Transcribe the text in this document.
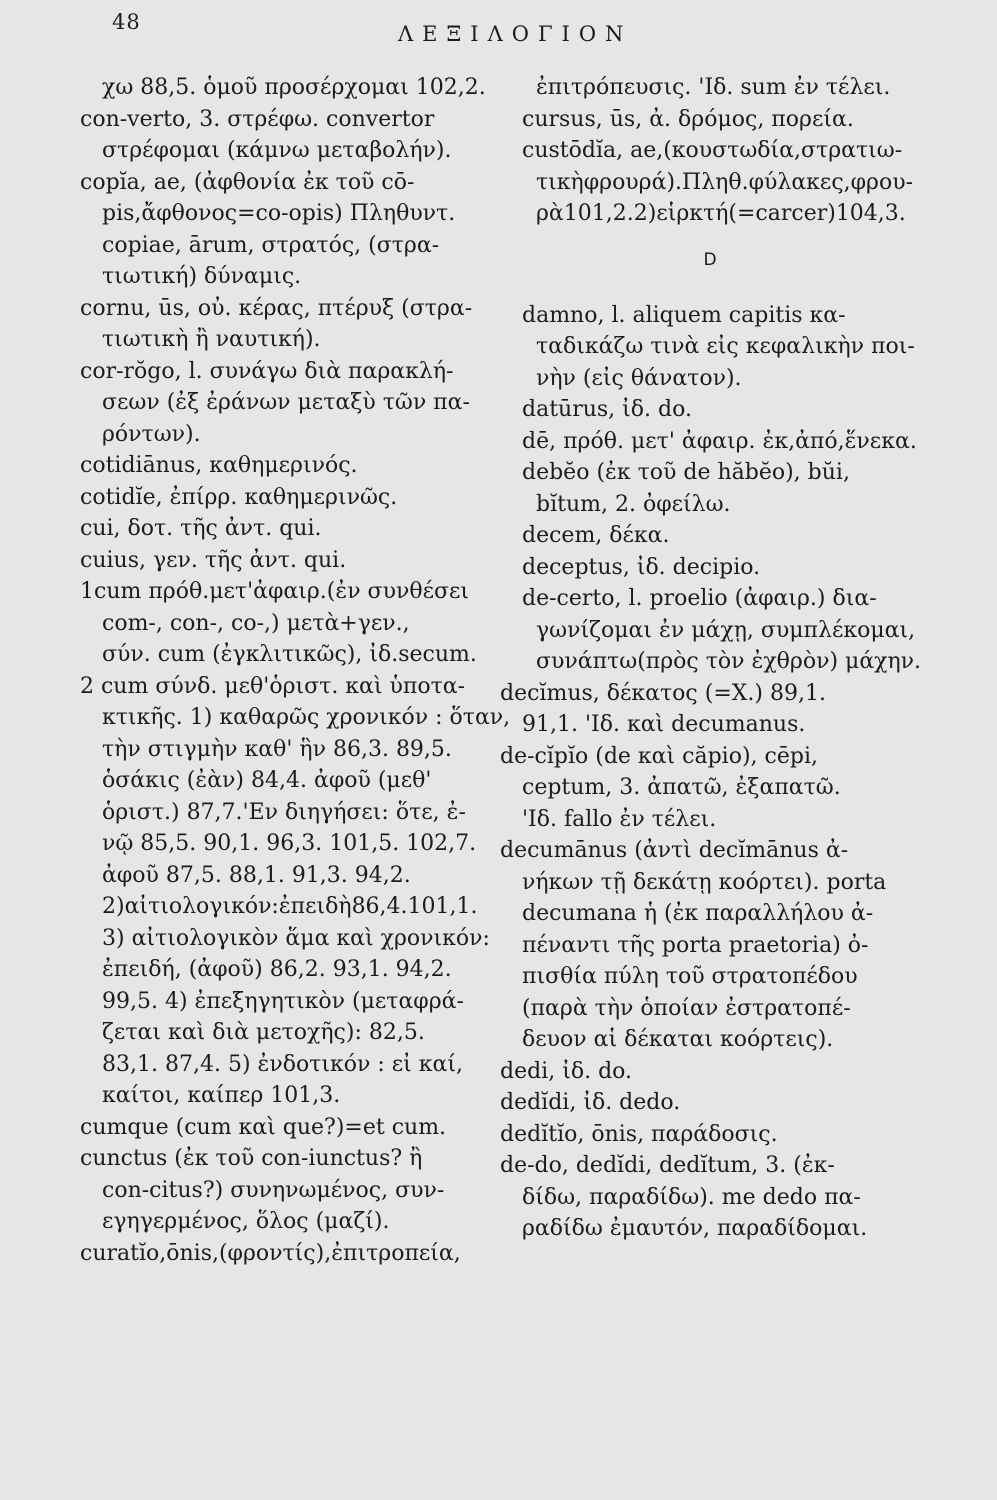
48	ΛΕΞΙΛΟΓΙΟΝ
χω 88,5. ὁμοῦ προσέρχομαι 102,2.
con-verto, 3. στρέφω. convertor
στρέφομαι (κάμνω μεταβολήν).
copĭa, ae, (ἀφθονία ἐκ τοῦ cō-
pis,ἄφθονος=co-opis) Πληθυντ.
copiae, ārum, στρατός, (στρα-
τιωτική) δύναμις.
cornu, ūs, οὐ. κέρας, πτέρυξ (στρα-
τιωτικὴ ἢ ναυτική).
cor-rŏgo, l. συνάγω διὰ παρακλή-
σεων (ἐξ ἐράνων μεταξὺ τῶν πα-
ρόντων).
cotidiānus, καθημερινός.
cotidĭe, ἐπίρρ. καθημερινῶς.
cui, δοτ. τῆς ἀντ. qui.
cuius, γεν. τῆς ἀντ. qui.
1cum πρόθ.μετ'ἀφαιρ.(ἐν συνθέσει
com-, con-, co-,) μετὰ+γεν.,
σύν. cum (ἐγκλιτικῶς), ἰδ.secum.
2 cum σύνδ. μεθ'ὁριστ. καὶ ὑποτα-
κτικῆς. 1) καθαρῶς χρονικόν : ὅταν,
τὴν στιγμὴν καθ' ἣν 86,3. 89,5.
ὁσάκις (ἐὰν) 84,4. ἀφοῦ (μεθ'
ὁριστ.) 87,7.'Εν διηγήσει: ὅτε, ἐ-
νῷ 85,5. 90,1. 96,3. 101,5. 102,7.
ἀφοῦ 87,5. 88,1. 91,3. 94,2.
2)αἰτιολογικόν:ἐπειδὴ86,4.101,1.
3) αἰτιολογικὸν ἅμα καὶ χρονικόν:
ἐπειδή, (ἀφοῦ) 86,2. 93,1. 94,2.
99,5. 4) ἐπεξηγητικὸν (μεταφρά-
ζεται καὶ διὰ μετοχῆς): 82,5.
83,1. 87,4. 5) ἐνδοτικόν : εἰ καί,
καίτοι, καίπερ 101,3.
cumque (cum καὶ que?)=et cum.
cunctus (ἐκ τοῦ con-iunctus? ἢ
con-citus?) συνηνωμένος, συν-
εγηγερμένος, ὅλος (μαζί).
curatĭo,ōnis,(φροντίς),ἐπιτροπεία,
ἐπιτρόπευσις. 'Ιδ. sum ἐν τέλει.
cursus, ūs, ἀ. δρόμος, πορεία.
custōdĭa, ae,(κουστωδία,στρατιω-
τικὴφρουρά).Πληθ.φύλακες,φρου-
ρὰ101,2.2)εἱρκτή(=carcer)104,3.
D
damno, l. aliquem capitis κα-
ταδικάζω τινὰ εἰς κεφαλικὴν ποι-
νὴν (εἰς θάνατον).
datūrus, ἰδ. do.
dē, πρόθ. μετ' ἀφαιρ. ἐκ,ἀπό,ἕνεκα.
debĕo (ἐκ τοῦ de hăbĕo), bŭi,
bĭtum, 2. ὀφείλω.
decem, δέκα.
deceptus, ἰδ. decipio.
de-certo, l. proelio (ἀφαιρ.) δια-
γωνίζομαι ἐν μάχῃ, συμπλέκομαι,
συνάπτω(πρὸς τὸν ἐχθρὸν) μάχην.
decĭmus, δέκατος (=X.) 89,1.
91,1. 'Ιδ. καὶ decumanus.
de-cĭpĭo (de καὶ căpio), cēpi,
ceptum, 3. ἀπατῶ, ἐξαπατῶ.
'Ιδ. fallo ἐν τέλει.
decumānus (ἀντὶ decĭmānus ἀ-
νήκων τῇ δεκάτῃ κοόρτει). porta
decumana ἡ (ἐκ παραλλήλου ἀ-
πέναντι τῆς porta praetoria) ὀ-
πισθία πύλη τοῦ στρατοπέδου
(παρὰ τὴν ὁποίαν ἐστρατοπέ-
δευον αἱ δέκαται κοόρτεις).
dedi, ἰδ. do.
dedĭdi, ἰδ. dedo.
dedĭtĭo, ōnis, παράδοσις.
de-do, dedĭdi, dedĭtum, 3. (ἐκ-
δίδω, παραδίδω). me dedo πα-
ραδίδω ἐμαυτόν, παραδίδομαι.
